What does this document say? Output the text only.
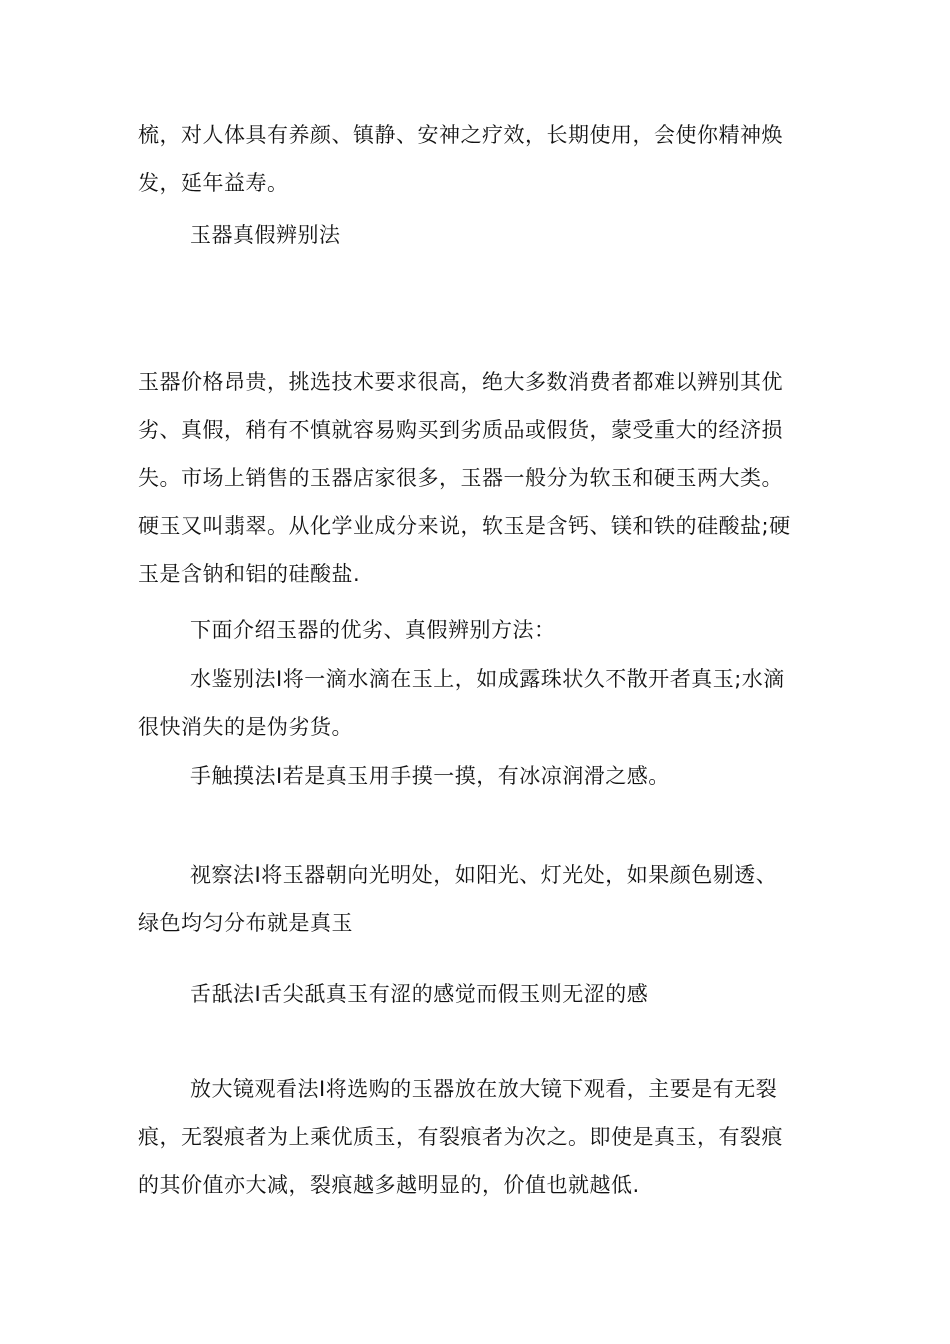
梳，对人体具有养颜、镇静、安神之疗效，长期使用，会使你精神焕发，延年益寿。

玉器真假辨别法

玉器价格昂贵，挑选技术要求很高，绝大多数消费者都难以辨别其优劣、真假，稍有不慎就容易购买到劣质品或假货，蒙受重大的经济损失。市场上销售的玉器店家很多，玉器一般分为软玉和硬玉两大类。硬玉又叫翡翠。从化学业成分来说，软玉是含钙、镁和铁的硅酸盐;硬玉是含钠和铝的硅酸盐.

下面介绍玉器的优劣、真假辨别方法：

水鉴别法I将一滴水滴在玉上，如成露珠状久不散开者真玉;水滴很快消失的是伪劣货。

手触摸法I若是真玉用手摸一摸，有冰凉润滑之感。

视察法I将玉器朝向光明处，如阳光、灯光处，如果颜色剔透、绿色均匀分布就是真玉

舌舐法I舌尖舐真玉有涩的感觉而假玉则无涩的感

放大镜观看法I将选购的玉器放在放大镜下观看，主要是有无裂痕，无裂痕者为上乘优质玉，有裂痕者为次之。即使是真玉，有裂痕的其价值亦大减，裂痕越多越明显的，价值也就越低.
